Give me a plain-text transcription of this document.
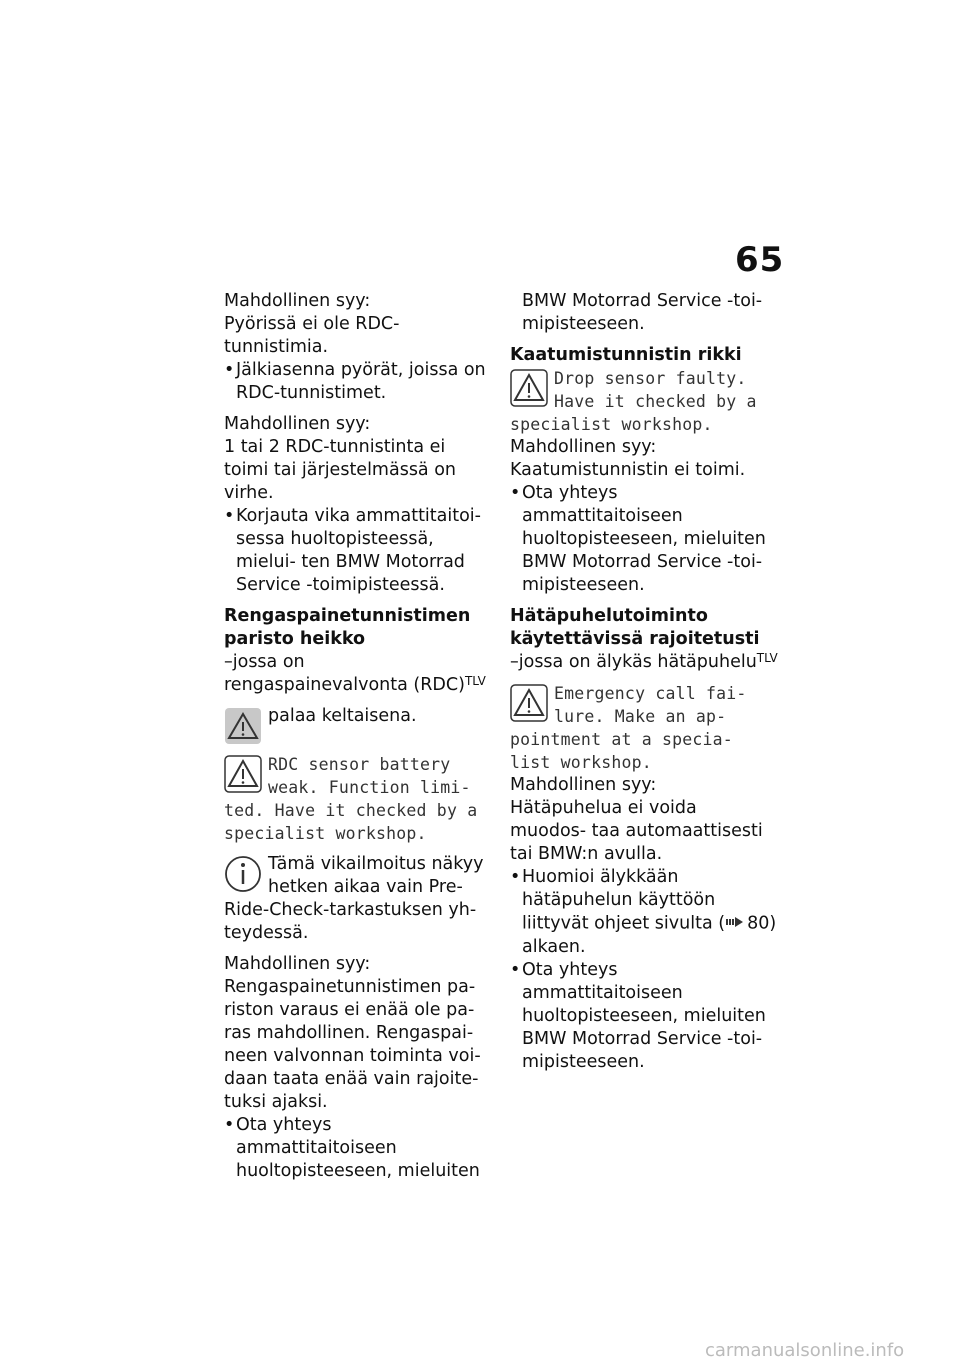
65

Mahdollinen syy:

Pyörissä ei ole RDC-tunnistimia.

• Jälkiasenna pyörät, joissa on RDC-tunnistimet.

Mahdollinen syy:

1 tai 2 RDC-tunnistinta ei toimi tai järjestelmässä on virhe.

• Korjauta vika ammattitaitoi- sessa huoltopisteessä, mielui- ten BMW Motorrad Service -toimipisteessä.

Rengaspainetunnistimen paristo heikko

–jossa on rengaspainevalvonta (RDC)$^{TLV}$

palaa keltaisena.

RDC sensor battery weak. Function limi- ted. Have it checked by a specialist workshop.

Tämä vikailmoitus näkyy hetken aikaa vain Pre- Ride-Check-tarkastuksen yh- teydessä.

Mahdollinen syy:

Rengaspainetunnistimen pa- riston varaus ei enää ole pa- ras mahdollinen. Rengaspai- neen valvonnan toiminta voi- daan taata enää vain rajoite- tuksi ajaksi.

• Ota yhteys ammattitaitoiseen huoltopisteeseen, mieluiten

BMW Motorrad Service -toi- mipisteeseen.

Kaatumistunnistin rikki

Drop sensor faulty. Have it checked by a specialist workshop.

Mahdollinen syy:

Kaatumistunnistin ei toimi.

• Ota yhteys ammattitaitoiseen huoltopisteeseen, mieluiten BMW Motorrad Service -toi- mipisteeseen.

Hätäpuhelutoiminto käytettävissä rajoitetusti

–jossa on älykäs hätäpuhelu$^{TLV}$

Emergency call fai- lure. Make an ap- pointment at a specia- list workshop.

Mahdollinen syy:

Hätäpuhelua ei voida muodos- taa automaattisesti tai BMW:n avulla.

• Huomioi älykkään hätäpuhelun käyttöön liittyvät ohjeet sivulta ( 80) alkaen.

• Ota yhteys ammattitaitoiseen huoltopisteeseen, mieluiten BMW Motorrad Service -toi- mipisteeseen.

carmanualsonline.info
